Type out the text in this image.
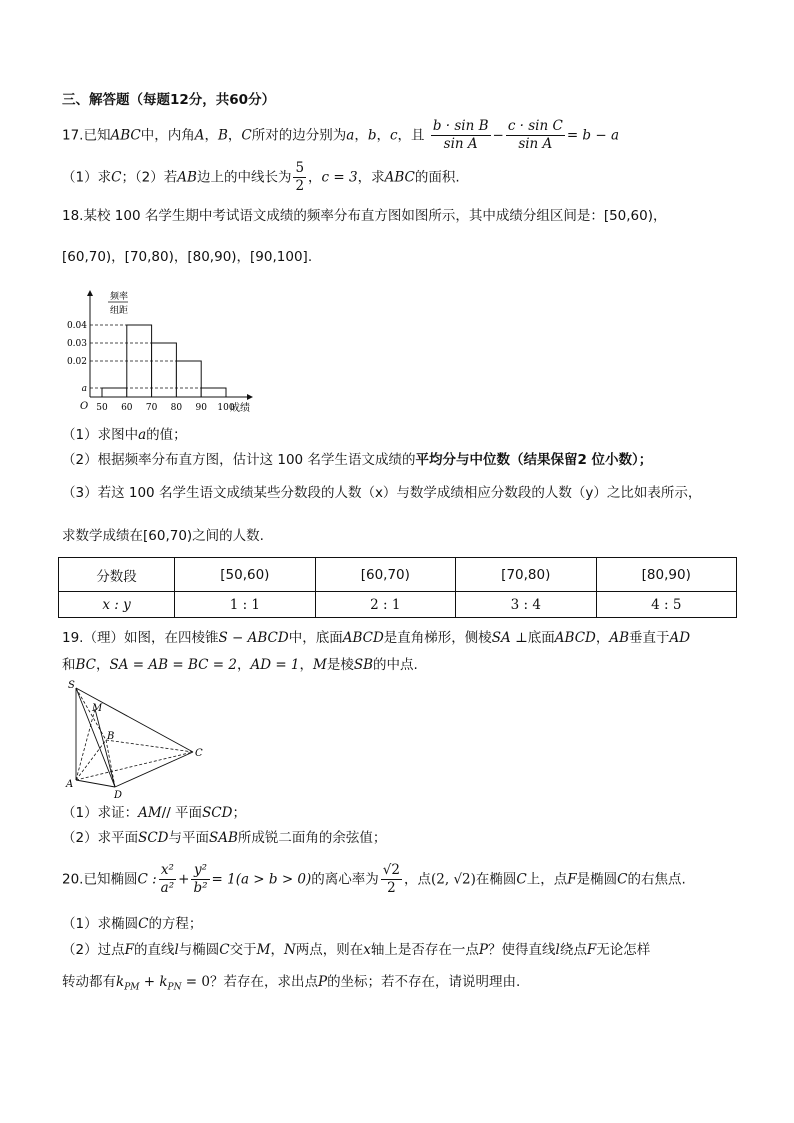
三、解答题（每题12分，共60分）
17.已知ABC中，内角A，B，C所对的边分别为a，b，c，且 $\frac{\text{b · sin B}}{\text{sin A}} - \frac{\text{c · sin C}}{\text{sin A}} = b - a$
（1）求C；（2）若AB边上的中线长为 $\frac{5}{2}$ ，c = 3，求ABC的面积.
18.某校 100 名学生期中考试语文成绩的频率分布直方图如图所示，其中成绩分组区间是：[50,60)，
[60,70)，[70,80)，[80,90)，[90,100].
频率
组距
O	成绩
0.04
0.03
0.02
a
50 60 70 80 90 100
（1）求图中a的值；
（2）根据频率分布直方图，估计这 100 名学生语文成绩的平均分与中位数（结果保留2 位小数）；
（3）若这 100 名学生语文成绩某些分数段的人数（x）与数学成绩相应分数段的人数（y）之比如表所示，
求数学成绩在[60,70)之间的人数.
分数段	[50,60)	[60,70)	[70,80)	[80,90)
x : y	1 : 1	2 : 1	3 : 4	4 : 5
19.（理）如图，在四棱锥S − ABCD中，底面ABCD是直角梯形，侧棱SA ⊥底面ABCD，AB垂直于AD
和BC，SA = AB = BC = 2，AD = 1，M是棱SB的中点.
S
M
B
C
A
D
（1）求证：AM// 平面SCD；
（2）求平面SCD与平面SAB所成锐二面角的余弦值；
20.已知椭圆C : $\frac{\text{x²}}{\text{a²}} + \frac{\text{y²}}{\text{b²}} = 1(a > b > 0)$的离心率为 $\frac{√2}{2}$ ，点(2, √2)在椭圆C上，点F是椭圆C的右焦点.
（1）求椭圆C的方程；
（2）过点F的直线l与椭圆C交于M，N两点，则在x轴上是否存在一点P？使得直线l绕点F无论怎样
转动都有$k_{PM} + k_{PN} = 0$？若存在，求出点P的坐标；若不存在，请说明理由.
